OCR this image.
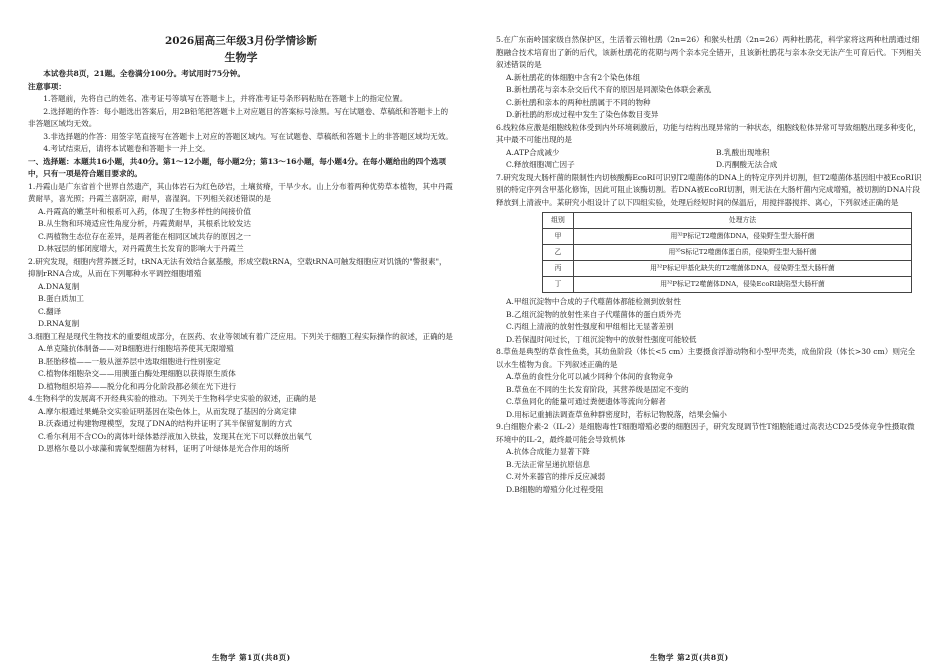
2026届高三年级3月份学情诊断

生物学

本试卷共8页，21题。全卷满分100分。考试用时75分钟。

注意事项：

1.答题前，先将自己的姓名、准考证号等填写在答题卡上，并将准考证号条形码粘贴在答题卡上的指定位置。

2.选择题的作答：每小题选出答案后，用2B铅笔把答题卡上对应题目的答案标号涂黑。写在试题卷、草稿纸和答题卡上的非答题区域均无效。

3.非选择题的作答：用签字笔直接写在答题卡上对应的答题区域内。写在试题卷、草稿纸和答题卡上的非答题区域均无效。

4.考试结束后，请将本试题卷和答题卡一并上交。

一、选择题：本题共16小题，共40分。第1～12小题，每小题2分；第13～16小题，每小题4分。在每小题给出的四个选项中，只有一项是符合题目要求的。

1.丹霞山是广东省首个世界自然遗产，其山体岩石为红色砂岩，土壤贫瘠，干旱少水。山上分布着两种优势草本植物，其中丹霞黄耐旱，喜光照；丹霞兰喜阴凉，耐旱，喜湿润。下列相关叙述错误的是

A.丹霞高的嫩茎叶和根系可入药，体现了生物多样性的间接价值

B.从生物和环境适应性角度分析，丹霞黄耐旱，其根系比较发达

C.两植物生态位存在差异，是两者能在相同区域共存的原因之一

D.林冠层的郁闭度增大，对丹霞黄生长发育的影响大于丹霞兰

2.研究发现，细胞内营养匮乏时，tRNA无法有效结合氨基酸，形成空载tRNA，空载tRNA可触发细胞应对饥饿的"警报素"，抑制rRNA合成，从而在下列哪种水平调控细胞增殖

A.DNA复制

B.蛋白质加工

C.翻译

D.RNA复制

3.细胞工程是现代生物技术的重要组成部分，在医药、农业等领域有着广泛应用。下列关于细胞工程实际操作的叙述，正确的是

A.单克隆抗体制备——对B细胞进行细胞培养使其无限增殖

B.胚胎移植——一般从滋养层中选取细胞进行性别鉴定

C.植物体细胞杂交——用胰蛋白酶处理细胞以获得原生质体

D.植物组织培养——脱分化和再分化阶段都必须在光下进行

4.生物科学的发展离不开经典实验的推动。下列关于生物科学史实验的叙述，正确的是

A.摩尔根通过果蝇杂交实验证明基因在染色体上，从而发现了基因的分离定律

B.沃森通过构建物理模型，发现了DNA的结构并证明了其半保留复制的方式

C.希尔利用不含CO₂的离体叶绿体悬浮液加入铁盐，发现其在光下可以释放出氧气

D.恩格尔曼以小球藻和需氧型细菌为材料，证明了叶绿体是光合作用的场所

5.在广东南岭国家级自然保护区，生活着云锦杜鹃（2n=26）和猴头杜鹃（2n=26）两种杜鹃花，科学家将这两种杜鹃通过细胞融合技术培育出了新的后代，该新杜鹃花的花期与两个亲本完全错开，且该新杜鹃花与亲本杂交无法产生可育后代。下列相关叙述错误的是

A.新杜鹃花的体细胞中含有2个染色体组

B.新杜鹃花与亲本杂交后代不育的原因是同源染色体联会紊乱

C.新杜鹃和亲本的两种杜鹃属于不同的物种

D.新杜鹃的形成过程中发生了染色体数目变异

6.线粒体应激是细胞线粒体受到内外环境刺激后，功能与结构出现异常的一种状态，细胞线粒体异常可导致细胞出现多种变化，其中最不可能出现的是

A.ATP合成减少	B.乳酸出现堆积

C.释放细胞凋亡因子	D.丙酮酸无法合成

7.研究发现大肠杆菌的限制性内切核酸酶EcoRⅠ可识别T2噬菌体的DNA上的特定序列并切割，但T2噬菌体基因组中被EcoRⅠ识别的特定序列含甲基化修饰，因此可阻止该酶切割。若DNA被EcoRⅠ切割，则无法在大肠杆菌内完成增殖，被切割的DNA片段释放到上清液中。某研究小组设计了以下四组实验，处理后经短时间的保温后，用搅拌器搅拌、离心，下列叙述正确的是

组别	处理方法
甲	用³²P标记T2噬菌体DNA，侵染野生型大肠杆菌
乙	用³⁵S标记T2噬菌体蛋白质，侵染野生型大肠杆菌
丙	用³²P标记甲基化缺失的T2噬菌体DNA，侵染野生型大肠杆菌
丁	用³²P标记T2噬菌体DNA，侵染EcoRⅠ缺陷型大肠杆菌

A.甲组沉淀物中合成的子代噬菌体都能检测到放射性

B.乙组沉淀物的放射性来自子代噬菌体的蛋白质外壳

C.丙组上清液的放射性强度和甲组相比无显著差别

D.若保温时间过长，丁组沉淀物中的放射性强度可能较低

8.草鱼是典型的草食性鱼类，其幼鱼阶段（体长<5 cm）主要摄食浮游动物和小型甲壳类，成鱼阶段（体长>30 cm）则完全以水生植物为食。下列叙述正确的是

A.草鱼的食性分化可以减少同种个体间的食物竞争

B.草鱼在不同的生长发育阶段，其营养级是固定不变的

C.草鱼同化的能量可通过粪便遗体等流向分解者

D.用标记重捕法调查草鱼种群密度时，若标记物脱落，结果会偏小

9.白细胞介素-2（IL-2）是细胞毒性T细胞增殖必要的细胞因子，研究发现调节性T细胞能通过高表达CD25受体竞争性摄取微环境中的IL-2，最终最可能会导致机体

A.抗体合成能力显著下降

B.无法正常呈递抗原信息

C.对外来器官的排斥反应减弱

D.B细胞的增殖分化过程受阻

生物学 第1页(共8页)	生物学 第2页(共8页)
